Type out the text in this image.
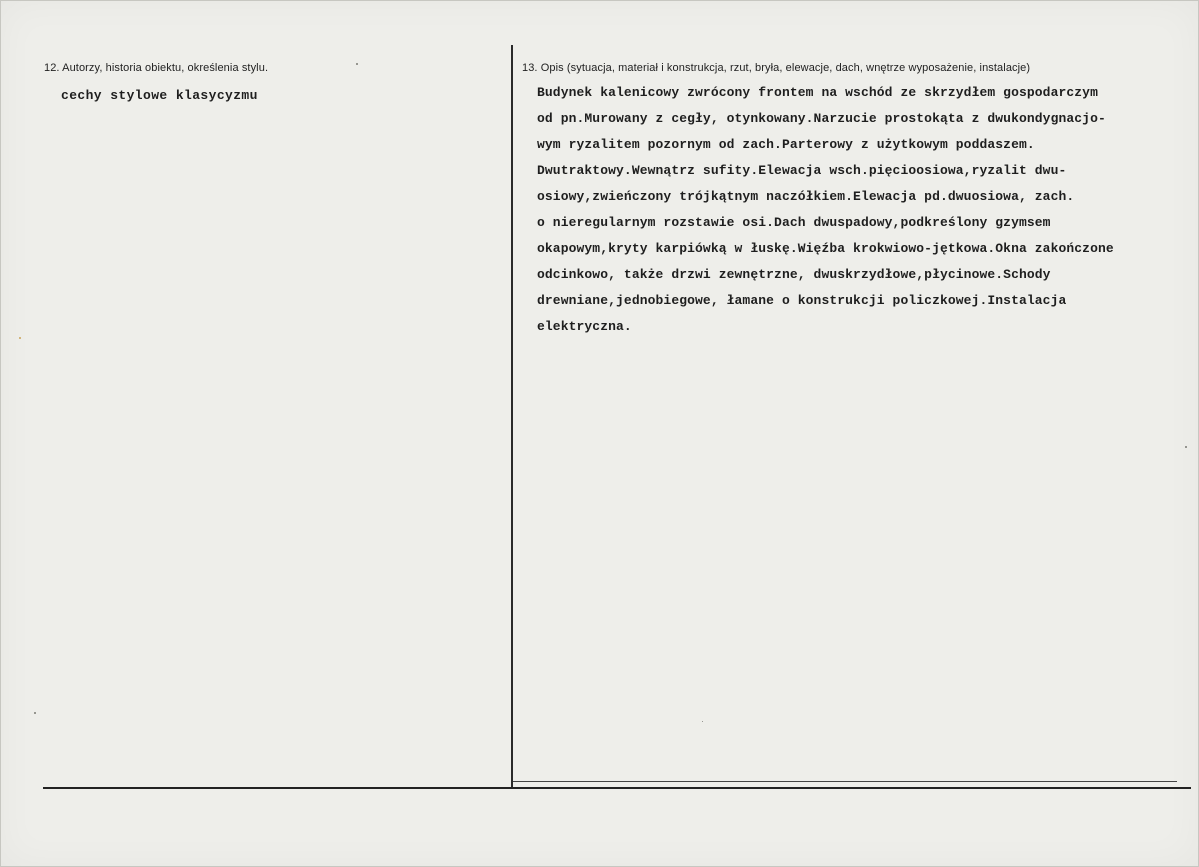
12. Autorzy, historia obiektu, określenia stylu.
cechy stylowe klasycyzmu
13. Opis (sytuacja, materiał i konstrukcja, rzut, bryła, elewacje, dach, wnętrze wyposażenie, instalacje)
Budynek kalenicowy zwrócony frontem na wschód ze skrzydłem gospodarczym
od pn.Murowany z cegły, otynkowany.Narzucie prostokąta z dwukondygnacjo-
wym ryzalitem pozornym od zach.Parterowy z użytkowym poddaszem.
Dwutraktowy.Wewnątrz sufity.Elewacja wsch.pięcioosiowa,ryzalit dwu-
osiowy,zwieńczony trójkątnym naczółkiem.Elewacja pd.dwuosiowa, zach.
o nieregularnym rozstawie osi.Dach dwuspadowy,podkreślony gzymsem
okapowym,kryty karpiówką w łuskę.Więźba krokwiowo-jętkowa.Okna zakończone
odcinkowo, także drzwi zewnętrzne, dwuskrzydłowe,płycinowe.Schody
drewniane,jednobiegowe, łamane o konstrukcji policzkowej.Instalacja
elektryczna.
